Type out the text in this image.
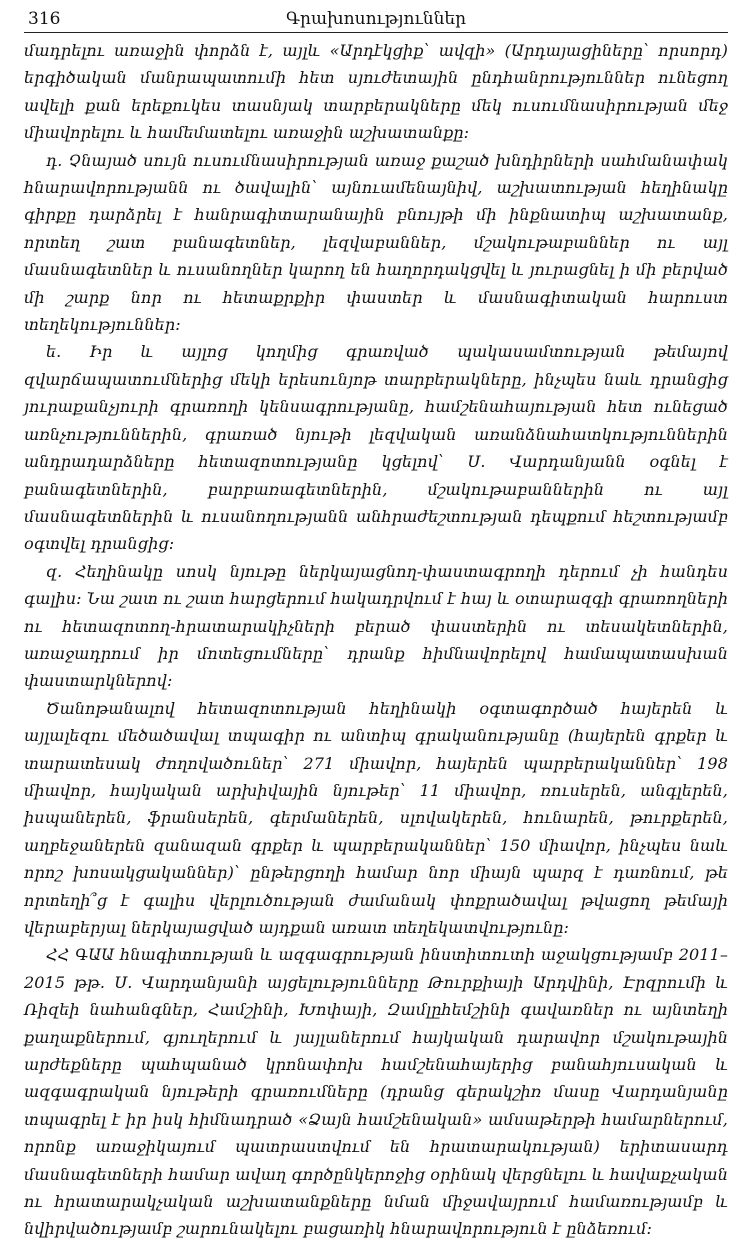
316	Գրախոսություններ

մադրելու առաջին փորձն է, այլև «Արդէկցիք՝ ավզի» (Արդայացիները՝ որսորդ) երգիծական մանրապատումի հետ սյուժետային ընդհանրություններ ունեցող ավելի քան երեքուկես տասնյակ տարբերակները մեկ ուսումնասիրության մեջ միավորելու և համեմատելու առաջին աշխատանքը:

դ. Չնայած սույն ուսումնասիրության առաջ քաշած խնդիրների սահմանափակ հնարավորությանն ու ծավալին՝ այնուամենայնիվ, աշխատության հեղինակը գիրքը դարձրել է հանրագիտարանային բնույթի մի ինքնատիպ աշխատանք, որտեղ շատ բանագետներ, լեզվաբաններ, մշակութաբաններ ու այլ մասնագետներ և ուսանողներ կարող են հաղորդակցվել և յուրացնել ի մի բերված մի շարք նոր ու հետաքրքիր փաստեր և մասնագիտական հարուստ տեղեկություններ:

ե. Իր և այլոց կողմից գրառված պակասամտության թեմայով զվարճապատումներից մեկի երեսունյոթ տարբերակները, ինչպես նաև դրանցից յուրաքանչյուրի գրառողի կենսագրությանը, համշենահայության հետ ունեցած առնչություններին, գրառած նյութի լեզվական առանձնահատկություններին անդրադարձները հետազոտությանը կցելով՝ Ս. Վարդանյանն օգնել է բանագետներին, բարբառագետներին, մշակութաբաններին ու այլ մասնագետներին և ուսանողությանն անհրաժեշտության դեպքում հեշտությամբ օգտվել դրանցից:

զ. Հեղինակը սոսկ նյութը ներկայացնող-փաստագրողի դերում չի հանդես գալիս: Նա շատ ու շատ հարցերում հակադրվում է հայ և օտարազգի գրառողների ու հետազոտող-հրատարակիչների բերած փաստերին ու տեսակետներին, առաջադրում իր մոտեցումները՝ դրանք հիմնավորելով համապատասխան փաստարկներով:

Ծանոթանալով հետազոտության հեղինակի օգտագործած հայերեն և այլալեզու մեծածավալ տպագիր ու անտիպ գրականությանը (հայերեն գրքեր և տարատեսակ ժողովածուներ՝ 271 միավոր, հայերեն պարբերականներ՝ 198 միավոր, հայկական արխիվային նյութեր՝ 11 միավոր, ռուսերեն, անգլերեն, իսպաներեն, ֆրանսերեն, գերմաներեն, սլովակերեն, հունարեն, թուրքերեն, աղբեջաներեն զանազան գրքեր և պարբերականներ՝ 150 միավոր, ինչպես նաև որոշ խոսակցականներ)՝ ընթերցողի համար նոր միայն պարզ է դառնում, թե որտեղի՞ց է գալիս վերլուծության ժամանակ փոքրածավալ թվացող թեմայի վերաբերյալ ներկայացված այդքան առատ տեղեկատվությունը:

ՀՀ ԳԱԱ հնագիտության և ազգագրության ինստիտուտի աջակցությամբ 2011–2015 թթ. Ս. Վարդանյանի այցելությունները Թուրքիայի Արդվինի, Էրզրումի և Ռիզեի նահանգներ, Համշինի, Խոփայի, Զամլըհեմշինի գավառներ ու այնտեղի քաղաքներում, գյուղերում և յայլաներում հայկական դարավոր մշակութային արժեքները պահպանած կրոնափոխ համշենահայերից բանահյուսական և ազգագրական նյութերի գրառումները (դրանց գերակշիռ մասը Վարդանյանը տպագրել է իր իսկ հիմնադրած «Ձայն համշենական» ամսաթերթի համարներում, որոնք առաջիկայում պատրաստվում են հրատարակության) երիտասարդ մասնագետների համար ավաղ գործընկերոջից օրինակ վերցնելու և հավաքչական ու հրատարակչական աշխատանքները նման միջավայրում համառությամբ և նվիրվածությամբ շարունակելու բացառիկ հնարավորություն է ընձեռում:
